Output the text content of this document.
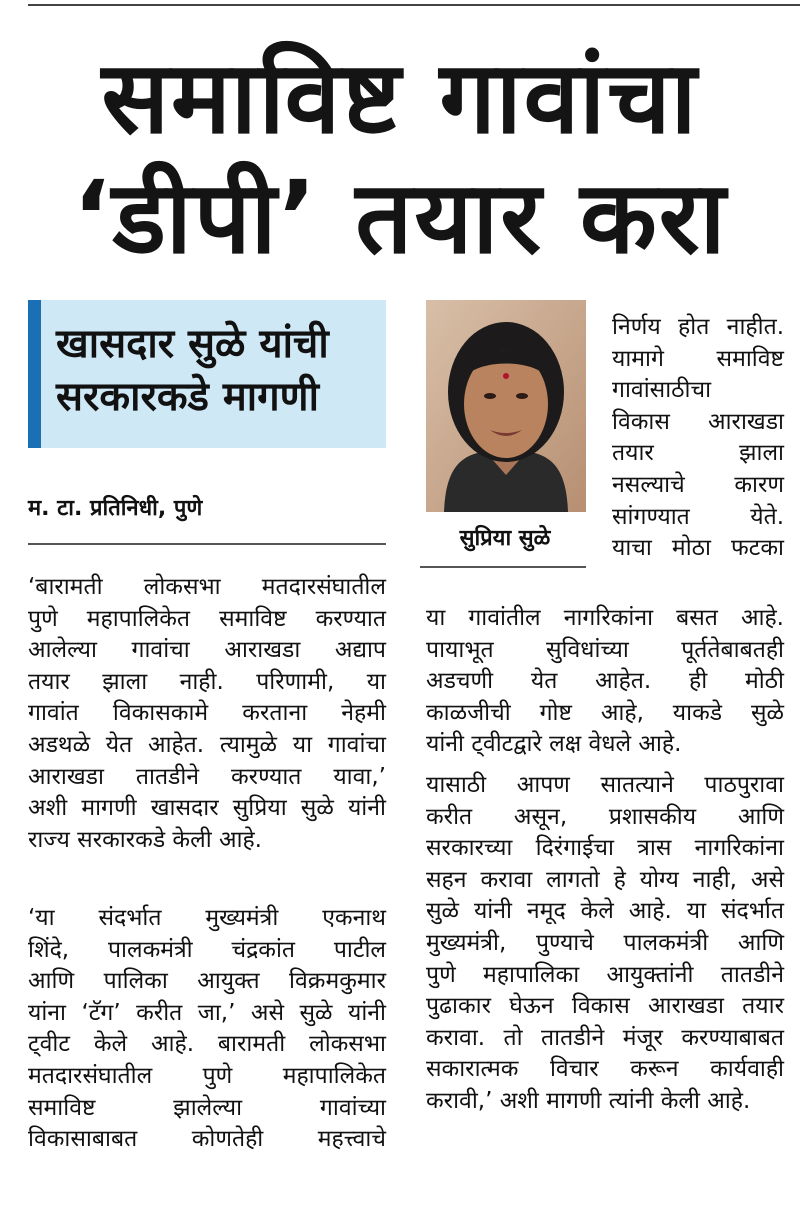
समाविष्ट गावांचा
‘डीपी’ तयार करा
खासदार सुळे यांची
सरकारकडे मागणी
म. टा. प्रतिनिधी, पुणे
सुप्रिया सुळे
‘बारामती लोकसभा मतदारसंघातील
पुणे महापालिकेत समाविष्ट करण्यात
आलेल्या गावांचा आराखडा अद्याप
तयार झाला नाही. परिणामी, या
गावांत विकासकामे करताना नेहमी
अडथळे येत आहेत. त्यामुळे या गावांचा
आराखडा तातडीने करण्यात यावा,’
अशी मागणी खासदार सुप्रिया सुळे यांनी
राज्य सरकारकडे केली आहे.
‘या संदर्भात मुख्यमंत्री एकनाथ
शिंदे, पालकमंत्री चंद्रकांत पाटील
आणि पालिका आयुक्त विक्रमकुमार
यांना ‘टॅग’ करीत जा,’ असे सुळे यांनी
ट्वीट केले आहे. बारामती लोकसभा
मतदारसंघातील पुणे महापालिकेत
समाविष्ट झालेल्या गावांच्या
विकासाबाबत कोणतेही महत्त्वाचे
निर्णय होत नाहीत.
यामागे समाविष्ट
गावांसाठीचा
विकास आराखडा
तयार झाला
नसल्याचे कारण
सांगण्यात येते.
याचा मोठा फटका
या गावांतील नागरिकांना बसत आहे.
पायाभूत सुविधांच्या पूर्ततेबाबतही
अडचणी येत आहेत. ही मोठी
काळजीची गोष्ट आहे, याकडे सुळे
यांनी ट्वीटद्वारे लक्ष वेधले आहे.
यासाठी आपण सातत्याने पाठपुरावा
करीत असून, प्रशासकीय आणि
सरकारच्या दिरंगाईचा त्रास नागरिकांना
सहन करावा लागतो हे योग्य नाही, असे
सुळे यांनी नमूद केले आहे. या संदर्भात
मुख्यमंत्री, पुण्याचे पालकमंत्री आणि
पुणे महापालिका आयुक्तांनी तातडीने
पुढाकार घेऊन विकास आराखडा तयार
करावा. तो तातडीने मंजूर करण्याबाबत
सकारात्मक विचार करून कार्यवाही
करावी,’ अशी मागणी त्यांनी केली आहे.
